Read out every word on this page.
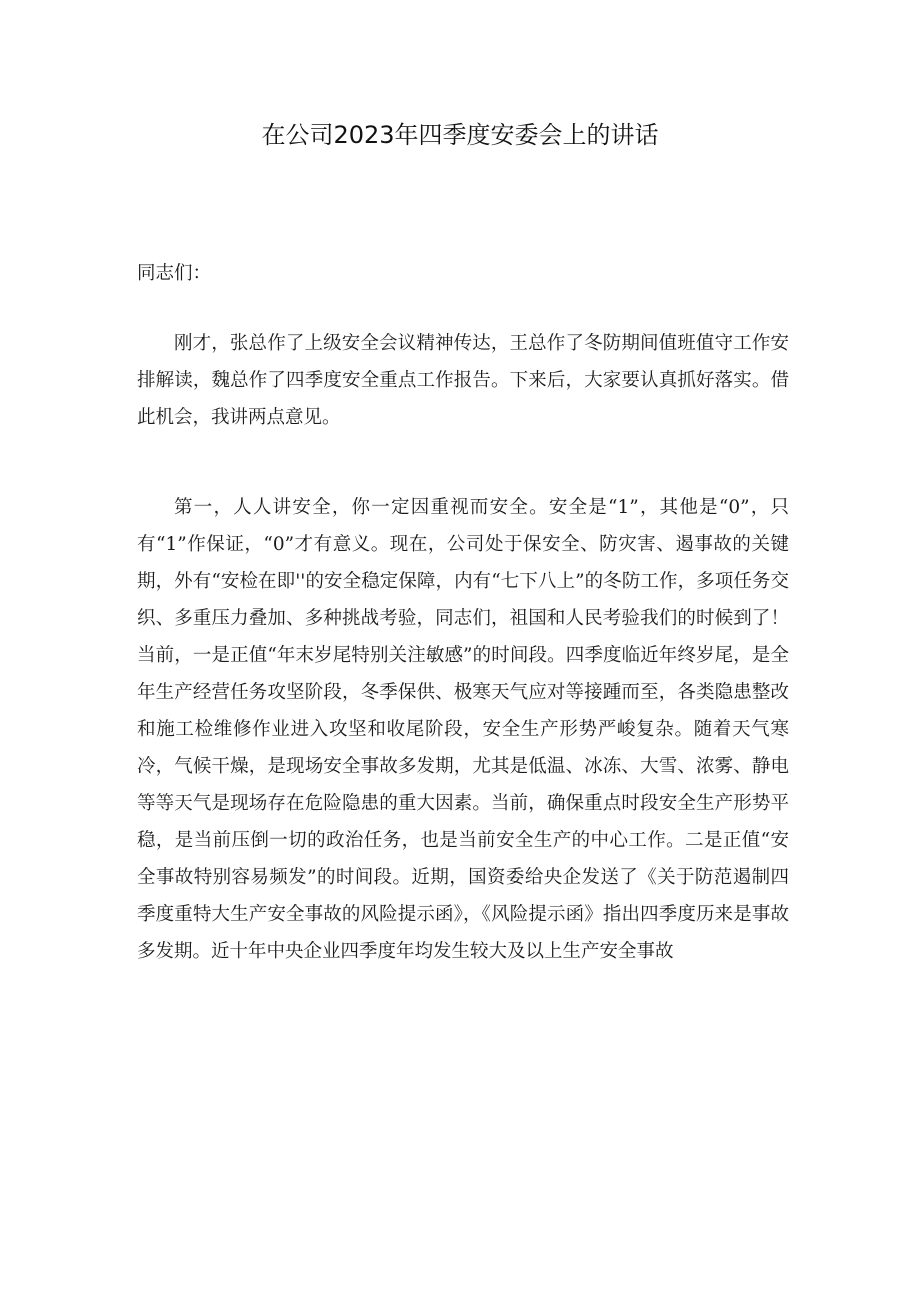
在公司2023年四季度安委会上的讲话

同志们：

刚才，张总作了上级安全会议精神传达，王总作了冬防期间值班值守工作安排解读，魏总作了四季度安全重点工作报告。下来后，大家要认真抓好落实。借此机会，我讲两点意见。

第一，人人讲安全，你一定因重视而安全。安全是“1”，其他是“0”，只有“1”作保证，“0”才有意义。现在，公司处于保安全、防灾害、遏事故的关键期，外有“安检在即''的安全稳定保障，内有“七下八上”的冬防工作，多项任务交织、多重压力叠加、多种挑战考验，同志们，祖国和人民考验我们的时候到了！当前，一是正值“年末岁尾特别关注敏感”的时间段。四季度临近年终岁尾，是全年生产经营任务攻坚阶段，冬季保供、极寒天气应对等接踵而至，各类隐患整改和施工检维修作业进入攻坚和收尾阶段，安全生产形势严峻复杂。随着天气寒冷，气候干燥，是现场安全事故多发期，尤其是低温、冰冻、大雪、浓雾、静电等等天气是现场存在危险隐患的重大因素。当前，确保重点时段安全生产形势平稳，是当前压倒一切的政治任务，也是当前安全生产的中心工作。二是正值“安全事故特别容易频发”的时间段。近期，国资委给央企发送了《关于防范遏制四季度重特大生产安全事故的风险提示函》，《风险提示函》指出四季度历来是事故多发期。近十年中央企业四季度年均发生较大及以上生产安全事故
